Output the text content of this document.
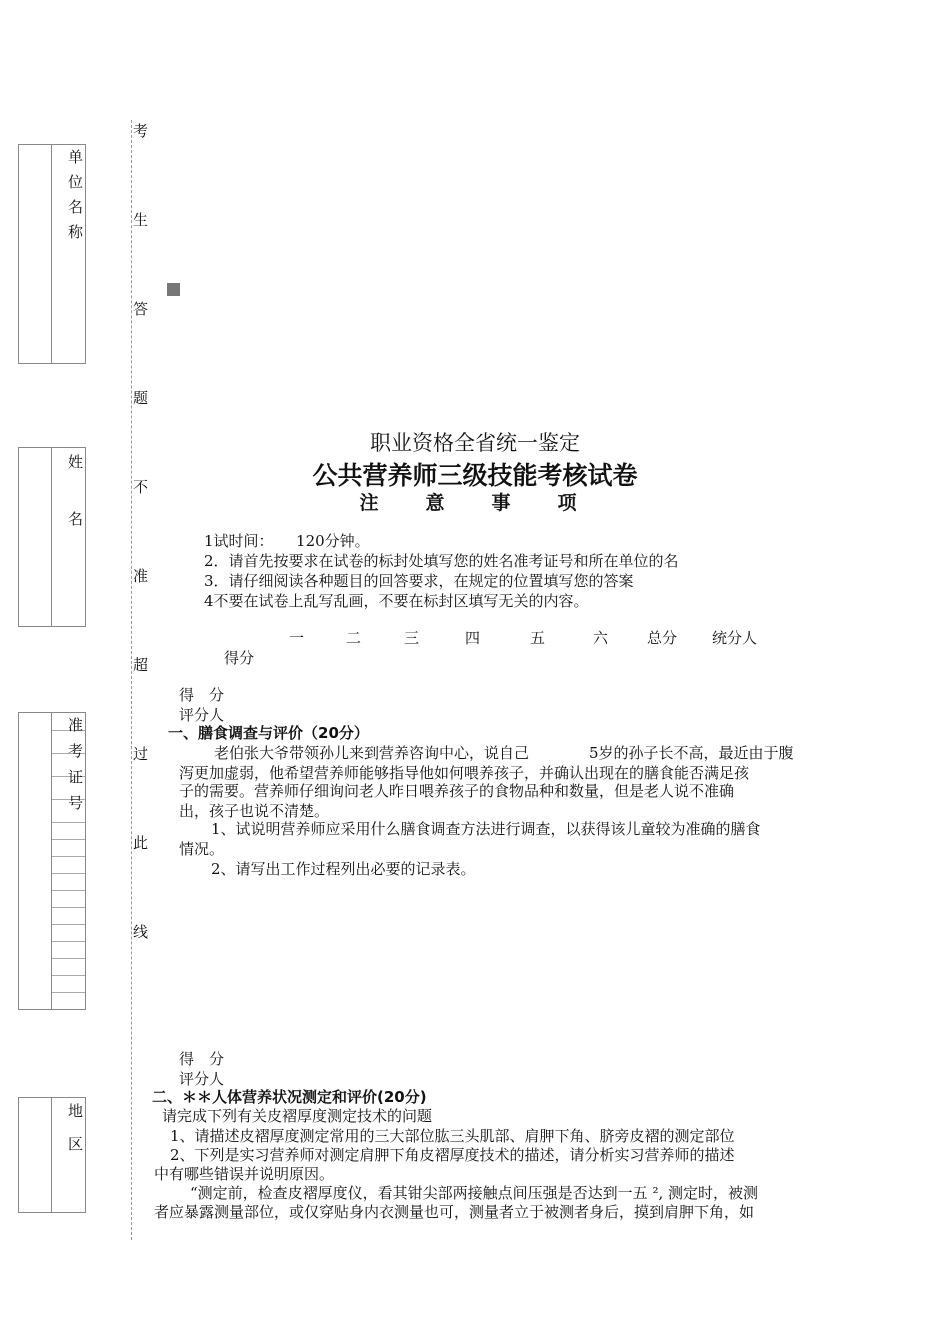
单
位
名
称
姓
名
准
考
证
号
地
区
考
生
答
题
不
准
超
过
此
线
职业资格全省统一鉴定
公共营养师三级技能考核试卷
注　意　事　项
1试时间：　　120分钟。
2．请首先按要求在试卷的标封处填写您的姓名准考证号和所在单位的名
3．请仔细阅读各种题目的回答要求，在规定的位置填写您的答案
4不要在试卷上乱写乱画，不要在标封区填写无关的内容。
一	二	三	四	五	六	总分 统分人
得分
得　分
评分人
一、膳食调查与评价（20分）
老伯张大爷带领孙儿来到营养咨询中心，说自己　　　　5岁的孙子长不高，最近由于腹
泻更加虚弱，他希望营养师能够指导他如何喂养孩子，并确认出现在的膳食能否满足孩
子的需要。营养师仔细询问老人昨日喂养孩子的食物品种和数量，但是老人说不准确
出，孩子也说不清楚。
　1、试说明营养师应采用什么膳食调查方法进行调查，以获得该儿童较为准确的膳食
情况。
　2、请写出工作过程列出必要的记录表。
得　分
评分人
二、＊＊人体营养状况测定和评价(20分)
请完成下列有关皮褶厚度测定技术的问题
1、请描述皮褶厚度测定常用的三大部位肱三头肌部、肩胛下角、脐旁皮褶的测定部位
2、下列是实习营养师对测定肩胛下角皮褶厚度技术的描述，请分析实习营养师的描述
中有哪些错误并说明原因。
“测定前，检查皮褶厚度仪，看其钳尖部两接触点间压强是否达到一五 ², 测定时，被测
者应暴露测量部位，或仅穿贴身内衣测量也可，测量者立于被测者身后，摸到肩胛下角，如
